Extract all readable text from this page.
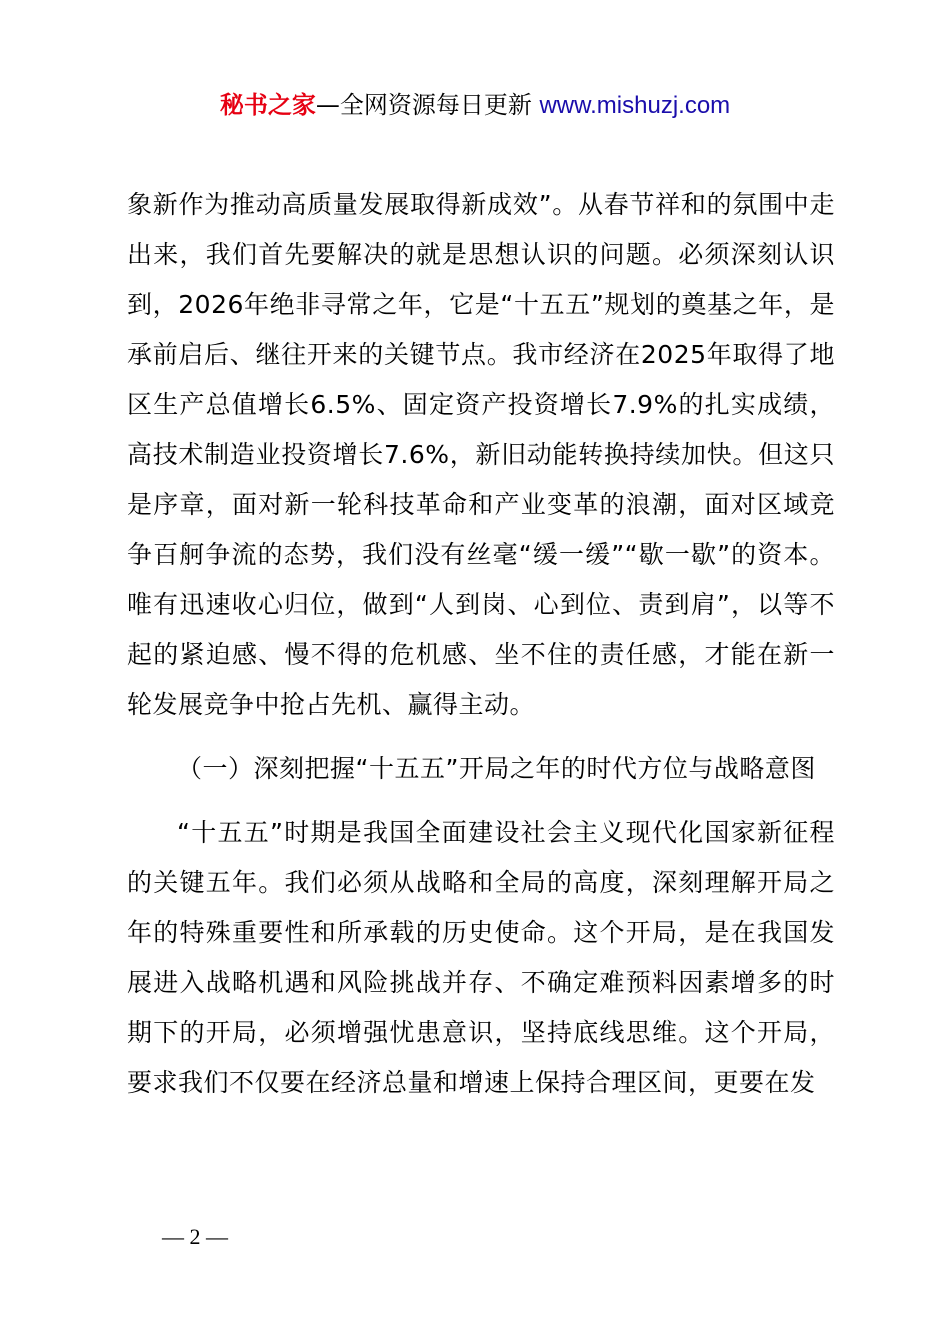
秘书之家—全网资源每日更新 www.mishuzj.com

象新作为推动高质量发展取得新成效”。从春节祥和的氛围中走出来，我们首先要解决的就是思想认识的问题。必须深刻认识到，2026年绝非寻常之年，它是“十五五”规划的奠基之年，是承前启后、继往开来的关键节点。我市经济在2025年取得了地区生产总值增长6.5%、固定资产投资增长7.9%的扎实成绩，高技术制造业投资增长7.6%，新旧动能转换持续加快。但这只是序章，面对新一轮科技革命和产业变革的浪潮，面对区域竞争百舸争流的态势，我们没有丝毫“缓一缓”“歇一歇”的资本。唯有迅速收心归位，做到“人到岗、心到位、责到肩”，以等不起的紧迫感、慢不得的危机感、坐不住的责任感，才能在新一轮发展竞争中抢占先机、赢得主动。

（一）深刻把握“十五五”开局之年的时代方位与战略意图

“十五五”时期是我国全面建设社会主义现代化国家新征程的关键五年。我们必须从战略和全局的高度，深刻理解开局之年的特殊重要性和所承载的历史使命。这个开局，是在我国发展进入战略机遇和风险挑战并存、不确定难预料因素增多的时期下的开局，必须增强忧患意识，坚持底线思维。这个开局，要求我们不仅要在经济总量和增速上保持合理区间，更要在发

— 2 —
